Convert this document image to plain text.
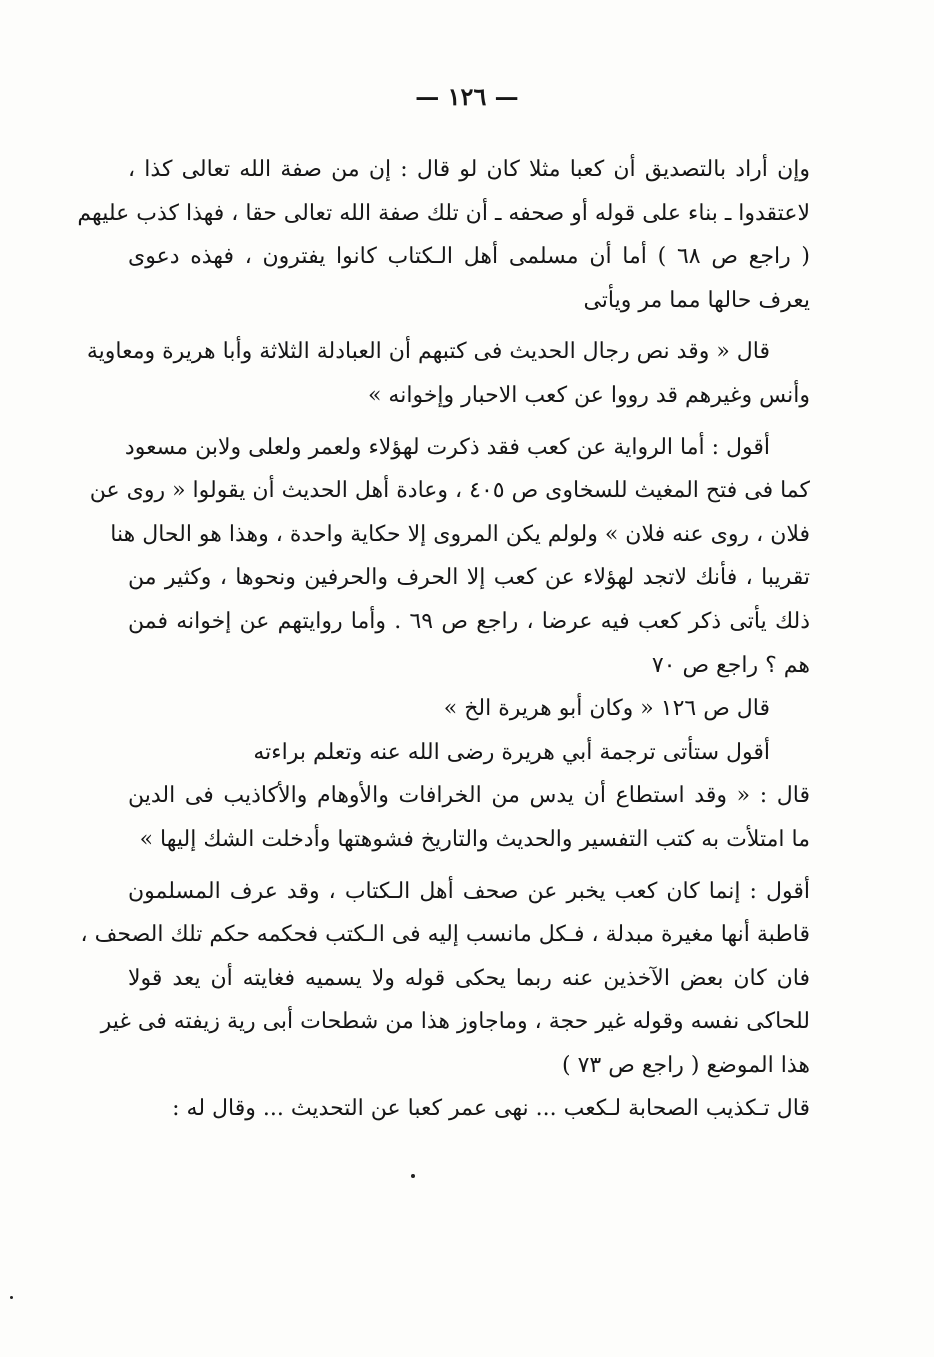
— ١٢٦ —
وإن أراد بالتصديق أن كعبا مثلا كان لو قال : إن من صفة الله تعالى كذا ،
لاعتقدوا ـ بناء على قوله أو صحفه ـ أن تلك صفة الله تعالى حقا ، فهذا كذب عليهم
( راجع ص ٦٨ ) أما أن مسلمى أهل الـكتاب كانوا يفترون ، فهذه دعوى
يعرف حالها مما مر ويأتى
قال « وقد نص رجال الحديث فى كتبهم أن العبادلة الثلاثة وأبا هريرة ومعاوية
وأنس وغيرهم قد رووا عن كعب الاحبار وإخوانه »
أقول : أما الرواية عن كعب فقد ذكرت لهؤلاء ولعمر ولعلى ولابن مسعود
كما فى فتح المغيث للسخاوى ص ٤٠٥ ، وعادة أهل الحديث أن يقولوا « روى عن
فلان ، روى عنه فلان » ولولم يكن المروى إلا حكاية واحدة ، وهذا هو الحال هنا
تقريبا ، فأنك لاتجد لهؤلاء عن كعب إلا الحرف والحرفين ونحوها ، وكثير من
ذلك يأتى ذكر كعب فيه عرضا ، راجع ص ٦٩ . وأما روايتهم عن إخوانه فمن
هم ؟ راجع ص ٧٠
قال ص ١٢٦ « وكان أبو هريرة الخ »
أقول ستأتى ترجمة أبي هريرة رضى الله عنه وتعلم براءته
قال : « وقد استطاع أن يدس من الخرافات والأوهام والأكاذيب فى الدين
ما امتلأت به كتب التفسير والحديث والتاريخ فشوهتها وأدخلت الشك إليها »
أقول : إنما كان كعب يخبر عن صحف أهل الـكتاب ، وقد عرف المسلمون
قاطبة أنها مغيرة مبدلة ، فـكل مانسب إليه فى الـكتب فحكمه حكم تلك الصحف ،
فان كان بعض الآخذين عنه ربما يحكى قوله ولا يسميه فغايته أن يعد قولا
للحاكى نفسه وقوله غير حجة ، وماجاوز هذا من شطحات أبى رية زيفته فى غير
هذا الموضع ( راجع ص ٧٣ )
قال تـكذيب الصحابة لـكعب ... نهى عمر كعبا عن التحديث ... وقال له :
